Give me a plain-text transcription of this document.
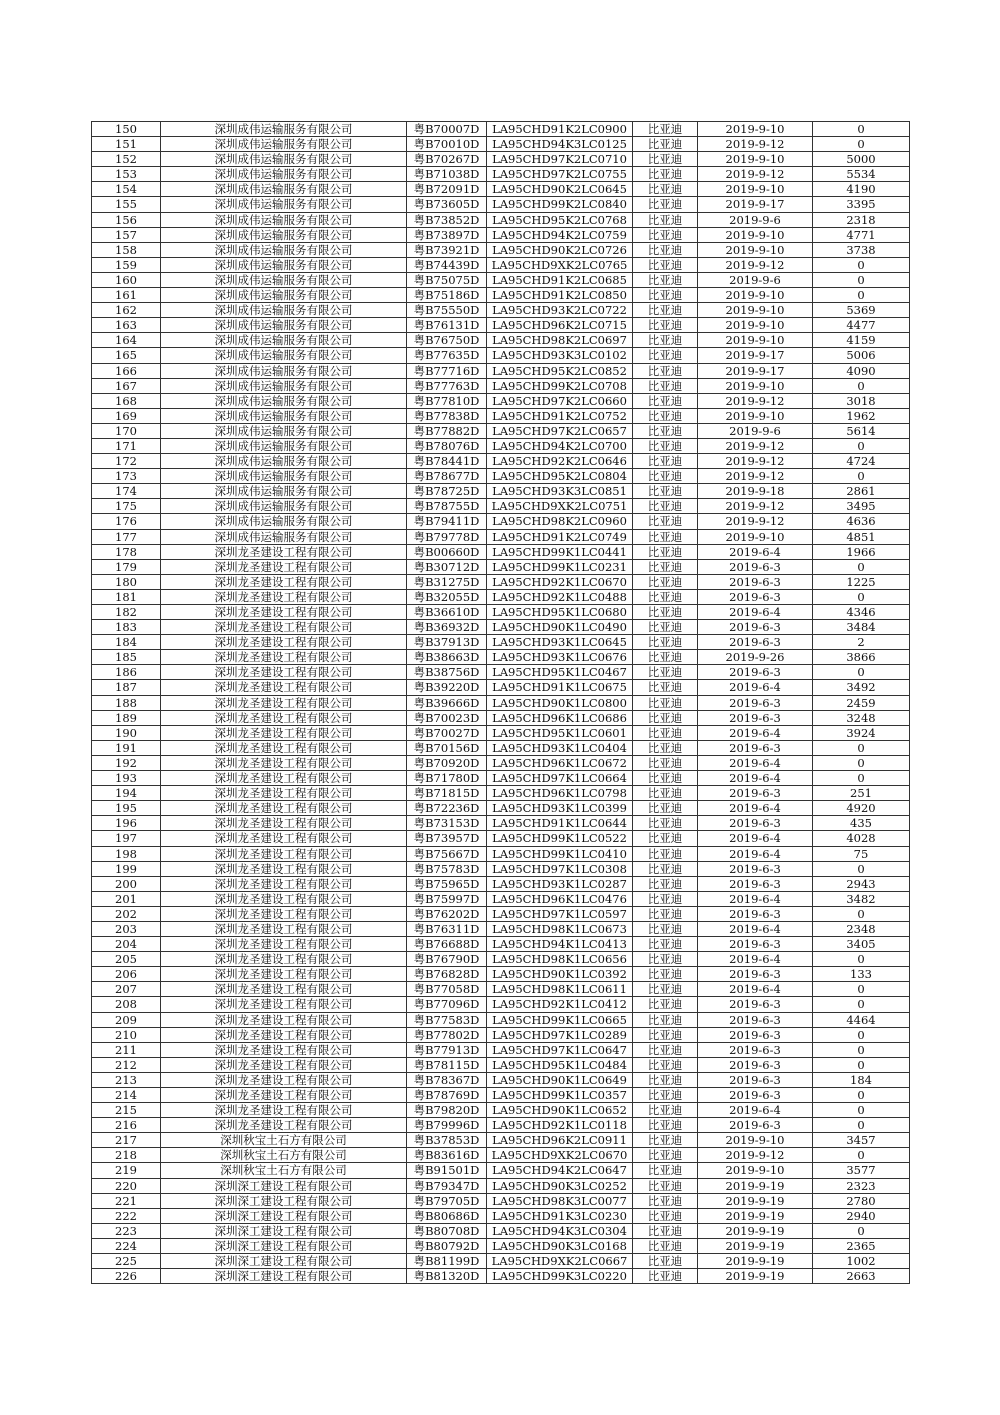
150	深圳成伟运输服务有限公司	粤B70007D	LA95CHD91K2LC0900	比亚迪	2019-9-10	0
151	深圳成伟运输服务有限公司	粤B70010D	LA95CHD94K3LC0125	比亚迪	2019-9-12	0
152	深圳成伟运输服务有限公司	粤B70267D	LA95CHD97K2LC0710	比亚迪	2019-9-10	5000
153	深圳成伟运输服务有限公司	粤B71038D	LA95CHD97K2LC0755	比亚迪	2019-9-12	5534
154	深圳成伟运输服务有限公司	粤B72091D	LA95CHD90K2LC0645	比亚迪	2019-9-10	4190
155	深圳成伟运输服务有限公司	粤B73605D	LA95CHD99K2LC0840	比亚迪	2019-9-17	3395
156	深圳成伟运输服务有限公司	粤B73852D	LA95CHD95K2LC0768	比亚迪	2019-9-6	2318
157	深圳成伟运输服务有限公司	粤B73897D	LA95CHD94K2LC0759	比亚迪	2019-9-10	4771
158	深圳成伟运输服务有限公司	粤B73921D	LA95CHD90K2LC0726	比亚迪	2019-9-10	3738
159	深圳成伟运输服务有限公司	粤B74439D	LA95CHD9XK2LC0765	比亚迪	2019-9-12	0
160	深圳成伟运输服务有限公司	粤B75075D	LA95CHD91K2LC0685	比亚迪	2019-9-6	0
161	深圳成伟运输服务有限公司	粤B75186D	LA95CHD91K2LC0850	比亚迪	2019-9-10	0
162	深圳成伟运输服务有限公司	粤B75550D	LA95CHD93K2LC0722	比亚迪	2019-9-10	5369
163	深圳成伟运输服务有限公司	粤B76131D	LA95CHD96K2LC0715	比亚迪	2019-9-10	4477
164	深圳成伟运输服务有限公司	粤B76750D	LA95CHD98K2LC0697	比亚迪	2019-9-10	4159
165	深圳成伟运输服务有限公司	粤B77635D	LA95CHD93K3LC0102	比亚迪	2019-9-17	5006
166	深圳成伟运输服务有限公司	粤B77716D	LA95CHD95K2LC0852	比亚迪	2019-9-17	4090
167	深圳成伟运输服务有限公司	粤B77763D	LA95CHD99K2LC0708	比亚迪	2019-9-10	0
168	深圳成伟运输服务有限公司	粤B77810D	LA95CHD97K2LC0660	比亚迪	2019-9-12	3018
169	深圳成伟运输服务有限公司	粤B77838D	LA95CHD91K2LC0752	比亚迪	2019-9-10	1962
170	深圳成伟运输服务有限公司	粤B77882D	LA95CHD97K2LC0657	比亚迪	2019-9-6	5614
171	深圳成伟运输服务有限公司	粤B78076D	LA95CHD94K2LC0700	比亚迪	2019-9-12	0
172	深圳成伟运输服务有限公司	粤B78441D	LA95CHD92K2LC0646	比亚迪	2019-9-12	4724
173	深圳成伟运输服务有限公司	粤B78677D	LA95CHD95K2LC0804	比亚迪	2019-9-12	0
174	深圳成伟运输服务有限公司	粤B78725D	LA95CHD93K3LC0851	比亚迪	2019-9-18	2861
175	深圳成伟运输服务有限公司	粤B78755D	LA95CHD9XK2LC0751	比亚迪	2019-9-12	3495
176	深圳成伟运输服务有限公司	粤B79411D	LA95CHD98K2LC0960	比亚迪	2019-9-12	4636
177	深圳成伟运输服务有限公司	粤B79778D	LA95CHD91K2LC0749	比亚迪	2019-9-10	4851
178	深圳龙圣建设工程有限公司	粤B00660D	LA95CHD99K1LC0441	比亚迪	2019-6-4	1966
179	深圳龙圣建设工程有限公司	粤B30712D	LA95CHD99K1LC0231	比亚迪	2019-6-3	0
180	深圳龙圣建设工程有限公司	粤B31275D	LA95CHD92K1LC0670	比亚迪	2019-6-3	1225
181	深圳龙圣建设工程有限公司	粤B32055D	LA95CHD92K1LC0488	比亚迪	2019-6-3	0
182	深圳龙圣建设工程有限公司	粤B36610D	LA95CHD95K1LC0680	比亚迪	2019-6-4	4346
183	深圳龙圣建设工程有限公司	粤B36932D	LA95CHD90K1LC0490	比亚迪	2019-6-3	3484
184	深圳龙圣建设工程有限公司	粤B37913D	LA95CHD93K1LC0645	比亚迪	2019-6-3	2
185	深圳龙圣建设工程有限公司	粤B38663D	LA95CHD93K1LC0676	比亚迪	2019-9-26	3866
186	深圳龙圣建设工程有限公司	粤B38756D	LA95CHD95K1LC0467	比亚迪	2019-6-3	0
187	深圳龙圣建设工程有限公司	粤B39220D	LA95CHD91K1LC0675	比亚迪	2019-6-4	3492
188	深圳龙圣建设工程有限公司	粤B39666D	LA95CHD90K1LC0800	比亚迪	2019-6-3	2459
189	深圳龙圣建设工程有限公司	粤B70023D	LA95CHD96K1LC0686	比亚迪	2019-6-3	3248
190	深圳龙圣建设工程有限公司	粤B70027D	LA95CHD95K1LC0601	比亚迪	2019-6-4	3924
191	深圳龙圣建设工程有限公司	粤B70156D	LA95CHD93K1LC0404	比亚迪	2019-6-3	0
192	深圳龙圣建设工程有限公司	粤B70920D	LA95CHD96K1LC0672	比亚迪	2019-6-4	0
193	深圳龙圣建设工程有限公司	粤B71780D	LA95CHD97K1LC0664	比亚迪	2019-6-4	0
194	深圳龙圣建设工程有限公司	粤B71815D	LA95CHD96K1LC0798	比亚迪	2019-6-3	251
195	深圳龙圣建设工程有限公司	粤B72236D	LA95CHD93K1LC0399	比亚迪	2019-6-4	4920
196	深圳龙圣建设工程有限公司	粤B73153D	LA95CHD91K1LC0644	比亚迪	2019-6-3	435
197	深圳龙圣建设工程有限公司	粤B73957D	LA95CHD99K1LC0522	比亚迪	2019-6-4	4028
198	深圳龙圣建设工程有限公司	粤B75667D	LA95CHD99K1LC0410	比亚迪	2019-6-4	75
199	深圳龙圣建设工程有限公司	粤B75783D	LA95CHD97K1LC0308	比亚迪	2019-6-3	0
200	深圳龙圣建设工程有限公司	粤B75965D	LA95CHD93K1LC0287	比亚迪	2019-6-3	2943
201	深圳龙圣建设工程有限公司	粤B75997D	LA95CHD96K1LC0476	比亚迪	2019-6-4	3482
202	深圳龙圣建设工程有限公司	粤B76202D	LA95CHD97K1LC0597	比亚迪	2019-6-3	0
203	深圳龙圣建设工程有限公司	粤B76311D	LA95CHD98K1LC0673	比亚迪	2019-6-4	2348
204	深圳龙圣建设工程有限公司	粤B76688D	LA95CHD94K1LC0413	比亚迪	2019-6-3	3405
205	深圳龙圣建设工程有限公司	粤B76790D	LA95CHD98K1LC0656	比亚迪	2019-6-4	0
206	深圳龙圣建设工程有限公司	粤B76828D	LA95CHD90K1LC0392	比亚迪	2019-6-3	133
207	深圳龙圣建设工程有限公司	粤B77058D	LA95CHD98K1LC0611	比亚迪	2019-6-4	0
208	深圳龙圣建设工程有限公司	粤B77096D	LA95CHD92K1LC0412	比亚迪	2019-6-3	0
209	深圳龙圣建设工程有限公司	粤B77583D	LA95CHD99K1LC0665	比亚迪	2019-6-3	4464
210	深圳龙圣建设工程有限公司	粤B77802D	LA95CHD97K1LC0289	比亚迪	2019-6-3	0
211	深圳龙圣建设工程有限公司	粤B77913D	LA95CHD97K1LC0647	比亚迪	2019-6-3	0
212	深圳龙圣建设工程有限公司	粤B78115D	LA95CHD95K1LC0484	比亚迪	2019-6-3	0
213	深圳龙圣建设工程有限公司	粤B78367D	LA95CHD90K1LC0649	比亚迪	2019-6-3	184
214	深圳龙圣建设工程有限公司	粤B78769D	LA95CHD99K1LC0357	比亚迪	2019-6-3	0
215	深圳龙圣建设工程有限公司	粤B79820D	LA95CHD90K1LC0652	比亚迪	2019-6-4	0
216	深圳龙圣建设工程有限公司	粤B79996D	LA95CHD92K1LC0118	比亚迪	2019-6-3	0
217	深圳秋宝土石方有限公司	粤B37853D	LA95CHD96K2LC0911	比亚迪	2019-9-10	3457
218	深圳秋宝土石方有限公司	粤B83616D	LA95CHD9XK2LC0670	比亚迪	2019-9-12	0
219	深圳秋宝土石方有限公司	粤B91501D	LA95CHD94K2LC0647	比亚迪	2019-9-10	3577
220	深圳深工建设工程有限公司	粤B79347D	LA95CHD90K3LC0252	比亚迪	2019-9-19	2323
221	深圳深工建设工程有限公司	粤B79705D	LA95CHD98K3LC0077	比亚迪	2019-9-19	2780
222	深圳深工建设工程有限公司	粤B80686D	LA95CHD91K3LC0230	比亚迪	2019-9-19	2940
223	深圳深工建设工程有限公司	粤B80708D	LA95CHD94K3LC0304	比亚迪	2019-9-19	0
224	深圳深工建设工程有限公司	粤B80792D	LA95CHD90K3LC0168	比亚迪	2019-9-19	2365
225	深圳深工建设工程有限公司	粤B81199D	LA95CHD9XK2LC0667	比亚迪	2019-9-19	1002
226	深圳深工建设工程有限公司	粤B81320D	LA95CHD99K3LC0220	比亚迪	2019-9-19	2663
